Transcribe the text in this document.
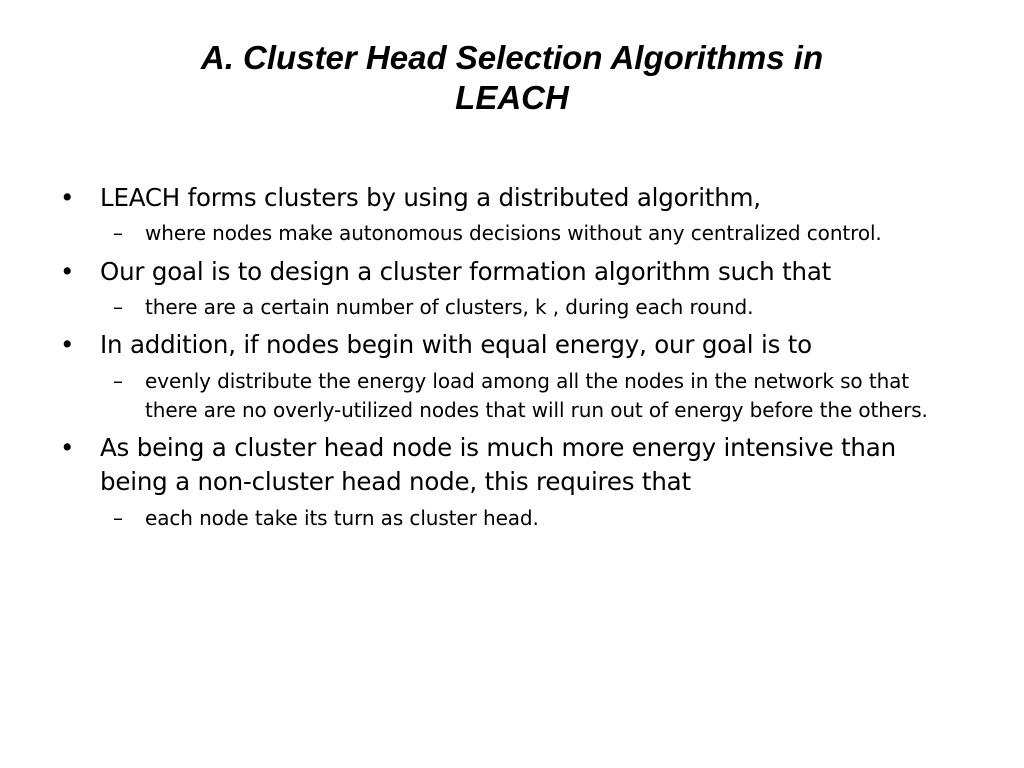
A. Cluster Head Selection Algorithms in
LEACH

•	LEACH forms clusters by using a distributed algorithm,

–	where nodes make autonomous decisions without any centralized control.

•	Our goal is to design a cluster formation algorithm such that

–	there are a certain number of clusters, k , during each round.

•	In addition, if nodes begin with equal energy, our goal is to

–	evenly distribute the energy load among all the nodes in the network so that there are no overly-utilized nodes that will run out of energy before the others.

•	As being a cluster head node is much more energy intensive than being a non-cluster head node, this requires that

–	each node take its turn as cluster head.
